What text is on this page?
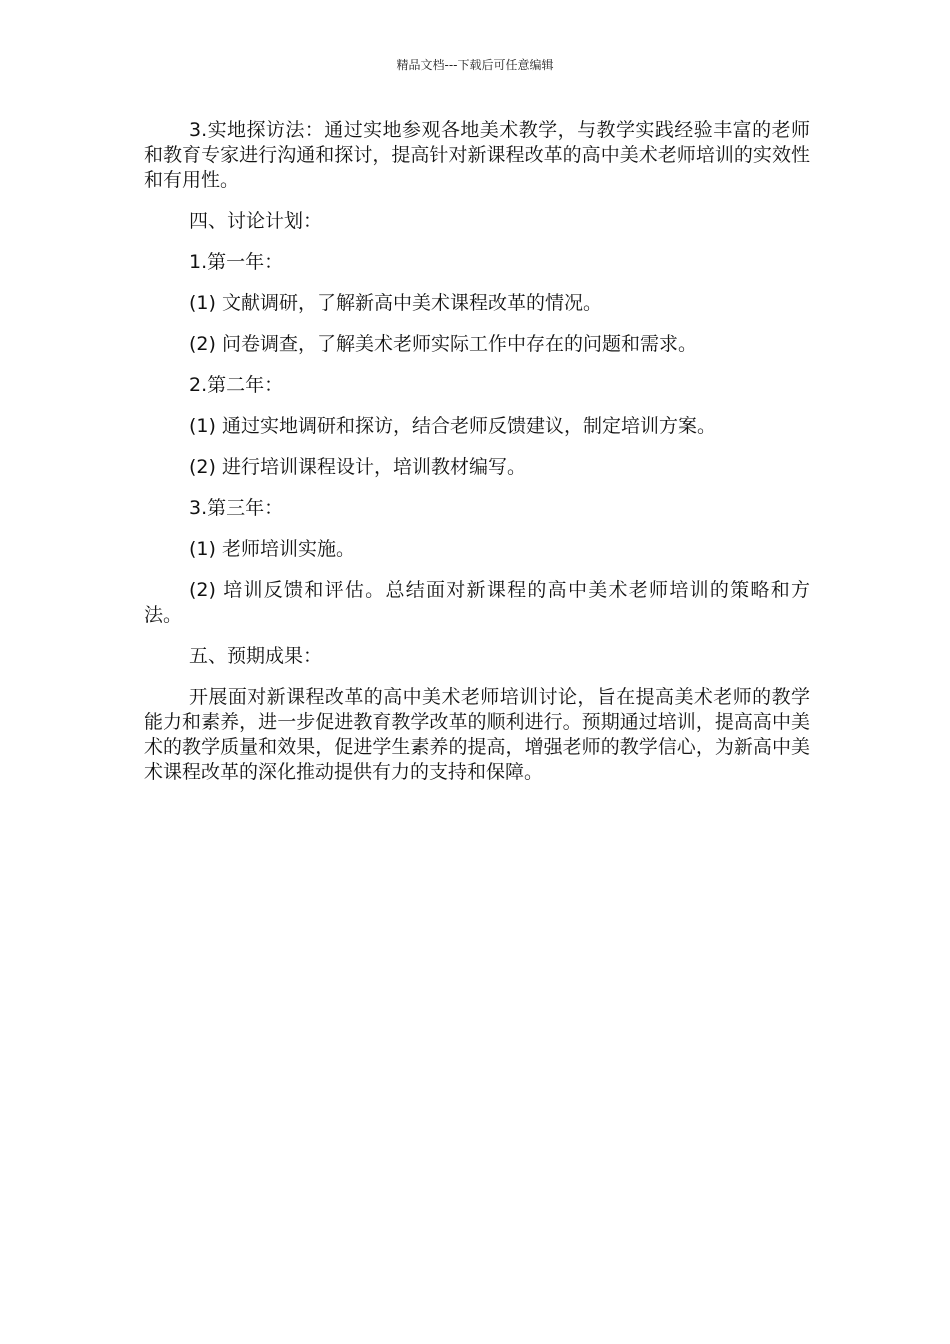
精品文档---下载后可任意编辑

3.实地探访法：通过实地参观各地美术教学，与教学实践经验丰富的老师和教育专家进行沟通和探讨，提高针对新课程改革的高中美术老师培训的实效性和有用性。

四、讨论计划：

1.第一年：

(1) 文献调研，了解新高中美术课程改革的情况。

(2) 问卷调查，了解美术老师实际工作中存在的问题和需求。

2.第二年：

(1) 通过实地调研和探访，结合老师反馈建议，制定培训方案。

(2) 进行培训课程设计，培训教材编写。

3.第三年：

(1) 老师培训实施。

(2) 培训反馈和评估。总结面对新课程的高中美术老师培训的策略和方法。

五、预期成果：

开展面对新课程改革的高中美术老师培训讨论，旨在提高美术老师的教学能力和素养，进一步促进教育教学改革的顺利进行。预期通过培训，提高高中美术的教学质量和效果，促进学生素养的提高，增强老师的教学信心，为新高中美术课程改革的深化推动提供有力的支持和保障。
